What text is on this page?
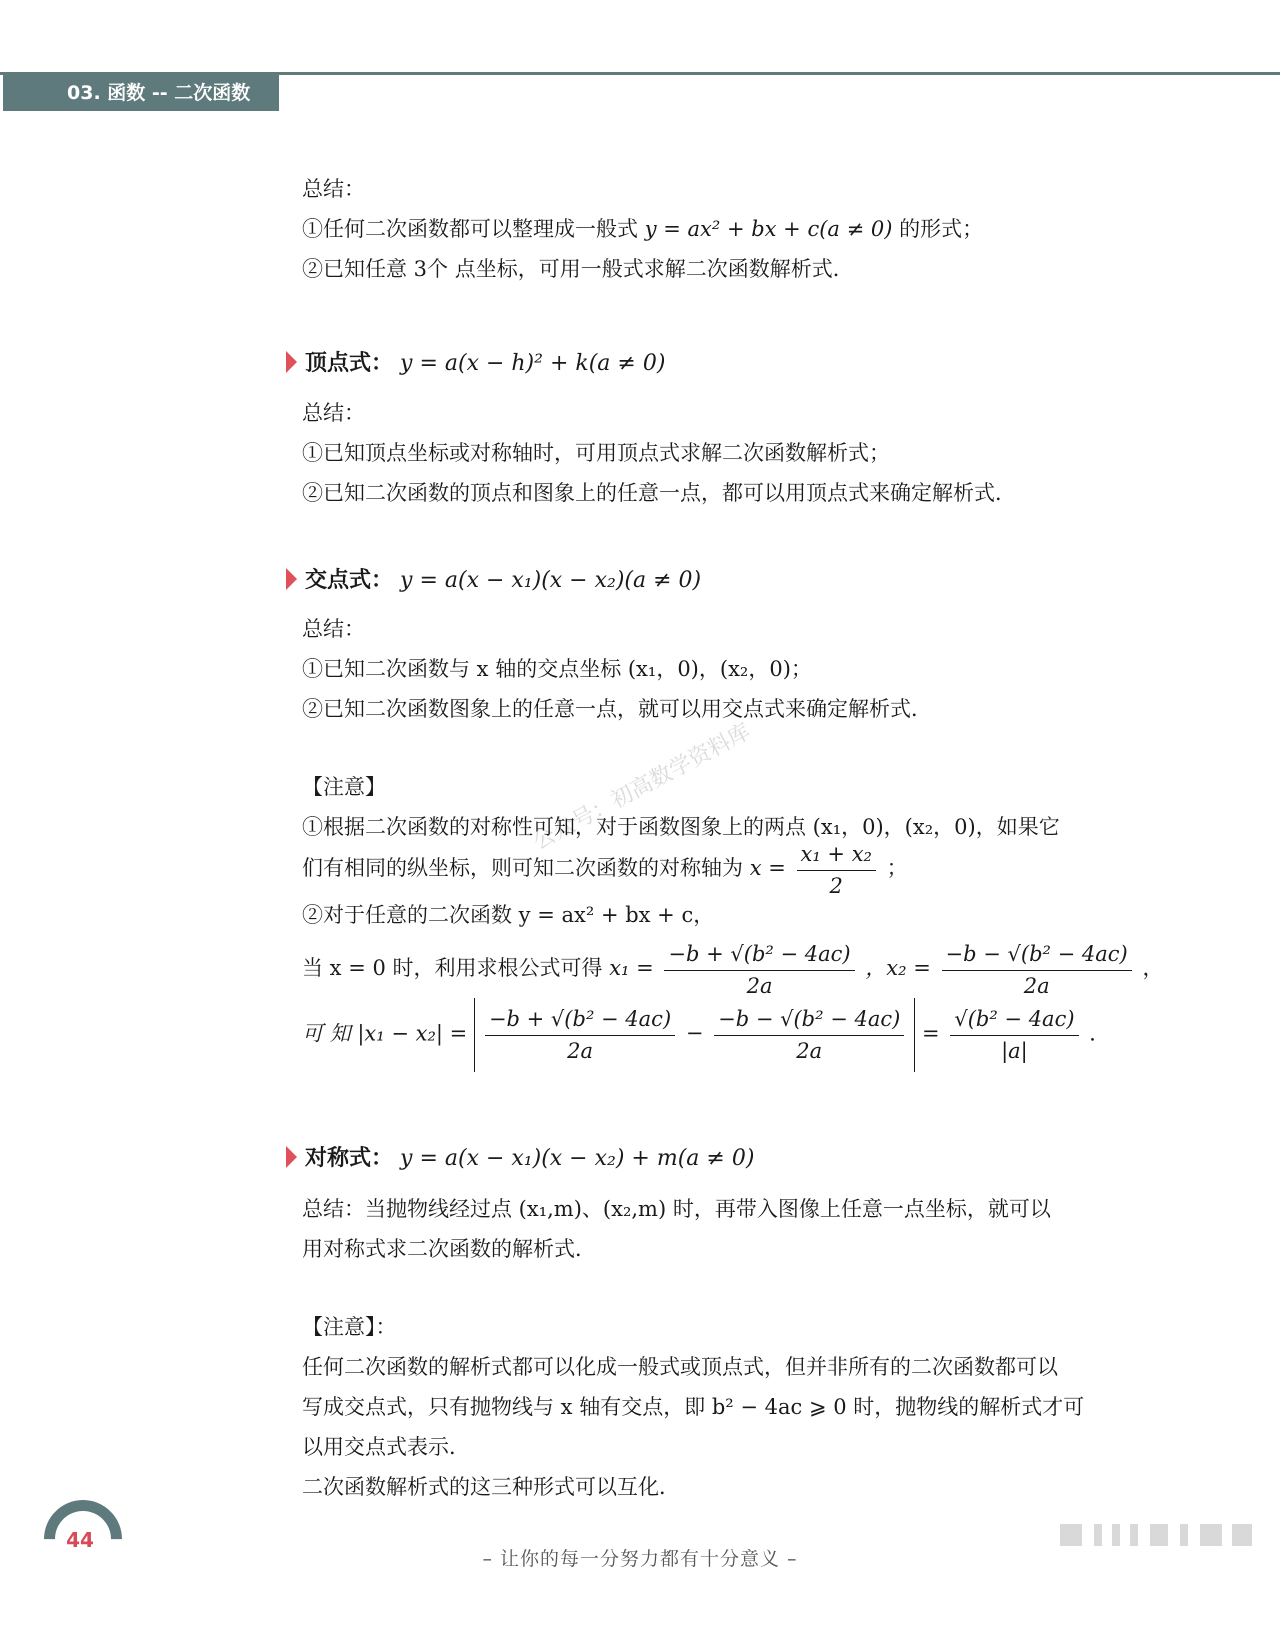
03. 函数 -- 二次函数
公众号：初高数学资料库
总结：
①任何二次函数都可以整理成一般式 y = ax² + bx + c(a ≠ 0) 的形式；
②已知任意 3个 点坐标，可用一般式求解二次函数解析式．
顶点式： y = a(x − h)² + k(a ≠ 0)
总结：
①已知顶点坐标或对称轴时，可用顶点式求解二次函数解析式；
②已知二次函数的顶点和图象上的任意一点，都可以用顶点式来确定解析式．
交点式： y = a(x − x₁)(x − x₂)(a ≠ 0)
总结：
①已知二次函数与 x 轴的交点坐标 (x₁，0)，(x₂，0)；
②已知二次函数图象上的任意一点，就可以用交点式来确定解析式．
【注意】
①根据二次函数的对称性可知，对于函数图象上的两点 (x₁，0)，(x₂，0)，如果它
们有相同的纵坐标，则可知二次函数的对称轴为 $x = \frac{\text{x₁ + x₂}}{2}$ ；
②对于任意的二次函数 y = ax² + bx + c，
当 x = 0 时，利用求根公式可得 $x_1 = \frac{\text{−b + √(b² − 4ac)}}{2a}$ ，$x_2 = \frac{\text{−b − √(b² − 4ac)}}{2a}$ ，
可 知 $|x_1 - x_2| = \frac{\text{−b + √(b² − 4ac)}}{2a} - \frac{\text{−b − √(b² − 4ac)}}{2a} = \frac{\text{√(b² − 4ac)}}{|a|}$ ．
对称式： y = a(x − x₁)(x − x₂) + m(a ≠ 0)
总结：当抛物线经过点 (x₁,m)、(x₂,m) 时，再带入图像上任意一点坐标，就可以
用对称式求二次函数的解析式．
【注意】：
任何二次函数的解析式都可以化成一般式或顶点式，但并非所有的二次函数都可以
写成交点式，只有抛物线与 x 轴有交点，即 b² − 4ac ⩾ 0 时，抛物线的解析式才可
以用交点式表示．
二次函数解析式的这三种形式可以互化．
44
– 让你的每一分努力都有十分意义 –
